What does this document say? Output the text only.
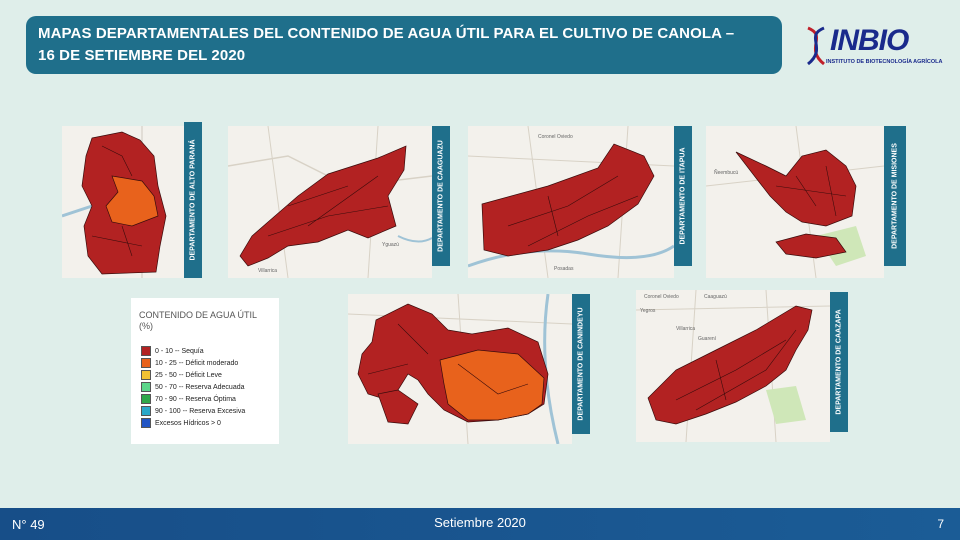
MAPAS DEPARTAMENTALES DEL CONTENIDO DE AGUA ÚTIL PARA EL CULTIVO DE CANOLA –
16 DE SETIEMBRE DEL 2020	INBIO
INSTITUTO DE BIOTECNOLOGÍA AGRÍCOLA
DEPARTAMENTO DE ALTO PARANÁ	Yguazú
Villarrica
DEPARTAMENTO DE CAAGUAZU
Coronel Oviedo
Posadas
DEPARTAMENTO DE ITAPUA	Ñeembucú	DEPARTAMENTO DE MISIONES
CONTENIDO DE AGUA ÚTIL (%)
0 - 10 -- Sequía
10 - 25 -- Déficit moderado
25 - 50 -- Déficit Leve
50 - 70 -- Reserva Adecuada
70 - 90 -- Reserva Óptima
90 - 100 -- Reserva Excesiva
Excesos Hídricos > 0
DEPARTAMENTO DE CANINDEYU
Coronel Oviedo	Caaguazú
Yegros
Villarrica
Guarení	DEPARTAMENTO DE CAAZAPA
Setiembre 2020
N° 49	7
